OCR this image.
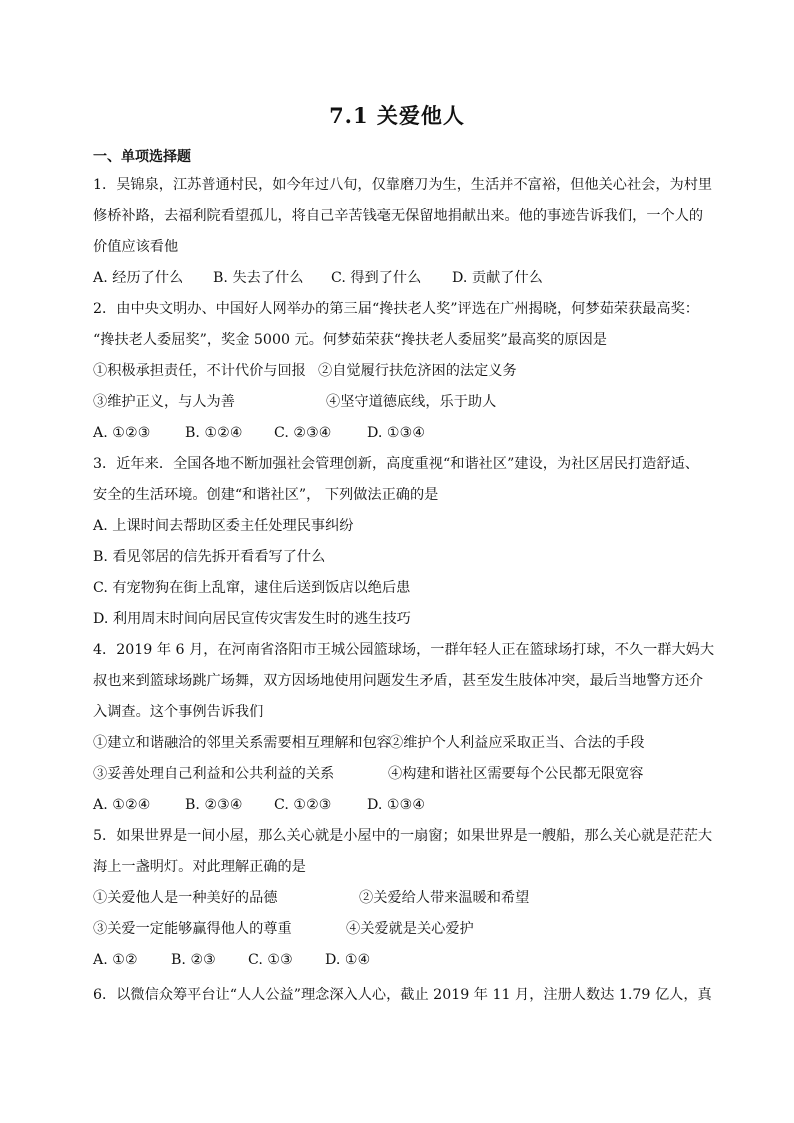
7.1 关爱他人
一、单项选择题
1．吴锦泉，江苏普通村民，如今年过八旬，仅靠磨刀为生，生活并不富裕，但他关心社会，为村里
修桥补路，去福利院看望孤儿，将自己辛苦钱毫无保留地捐献出来。他的事迹告诉我们，一个人的
价值应该看他
A. 经历了什么 B. 失去了什么 C. 得到了什么 D. 贡献了什么
2．由中央文明办、中国好人网举办的第三届“搀扶老人奖”评选在广州揭晓，何梦茹荣获最高奖：
“搀扶老人委屈奖”，奖金 5000 元。何梦茹荣获“搀扶老人委屈奖”最高奖的原因是
①积极承担责任，不计代价与回报 ②自觉履行扶危济困的法定义务
③维护正义，与人为善	④坚守道德底线，乐于助人
A. ①②③ B. ①②④ C. ②③④ D. ①③④
3．近年来．全国各地不断加强社会管理创新，高度重视“和谐社区”建设，为社区居民打造舒适、
安全的生活环境。创建“和谐社区”， 下列做法正确的是
A. 上课时间去帮助区委主任处理民事纠纷
B. 看见邻居的信先拆开看看写了什么
C. 有宠物狗在街上乱窜，逮住后送到饭店以绝后患
D. 利用周末时间向居民宣传灾害发生时的逃生技巧
4．2019 年 6 月，在河南省洛阳市王城公园篮球场，一群年轻人正在篮球场打球，不久一群大妈大
叔也来到篮球场跳广场舞，双方因场地使用问题发生矛盾，甚至发生肢体冲突，最后当地警方还介
入调查。这个事例告诉我们
①建立和谐融洽的邻里关系需要相互理解和包容
②维护个人利益应采取正当、合法的手段
③妥善处理自己利益和公共利益的关系	④构建和谐社区需要每个公民都无限宽容
A. ①②④ B. ②③④ C. ①②③ D. ①③④
5．如果世界是一间小屋，那么关心就是小屋中的一扇窗；如果世界是一艘船，那么关心就是茫茫大
海上一盏明灯。对此理解正确的是
①关爱他人是一种美好的品德	②关爱给人带来温暖和希望
③关爱一定能够赢得他人的尊重	④关爱就是关心爱护
A. ①② B. ②③ C. ①③ D. ①④
6．以微信众筹平台让“人人公益”理念深入人心，截止 2019 年 11 月，注册人数达 1.79 亿人，真
